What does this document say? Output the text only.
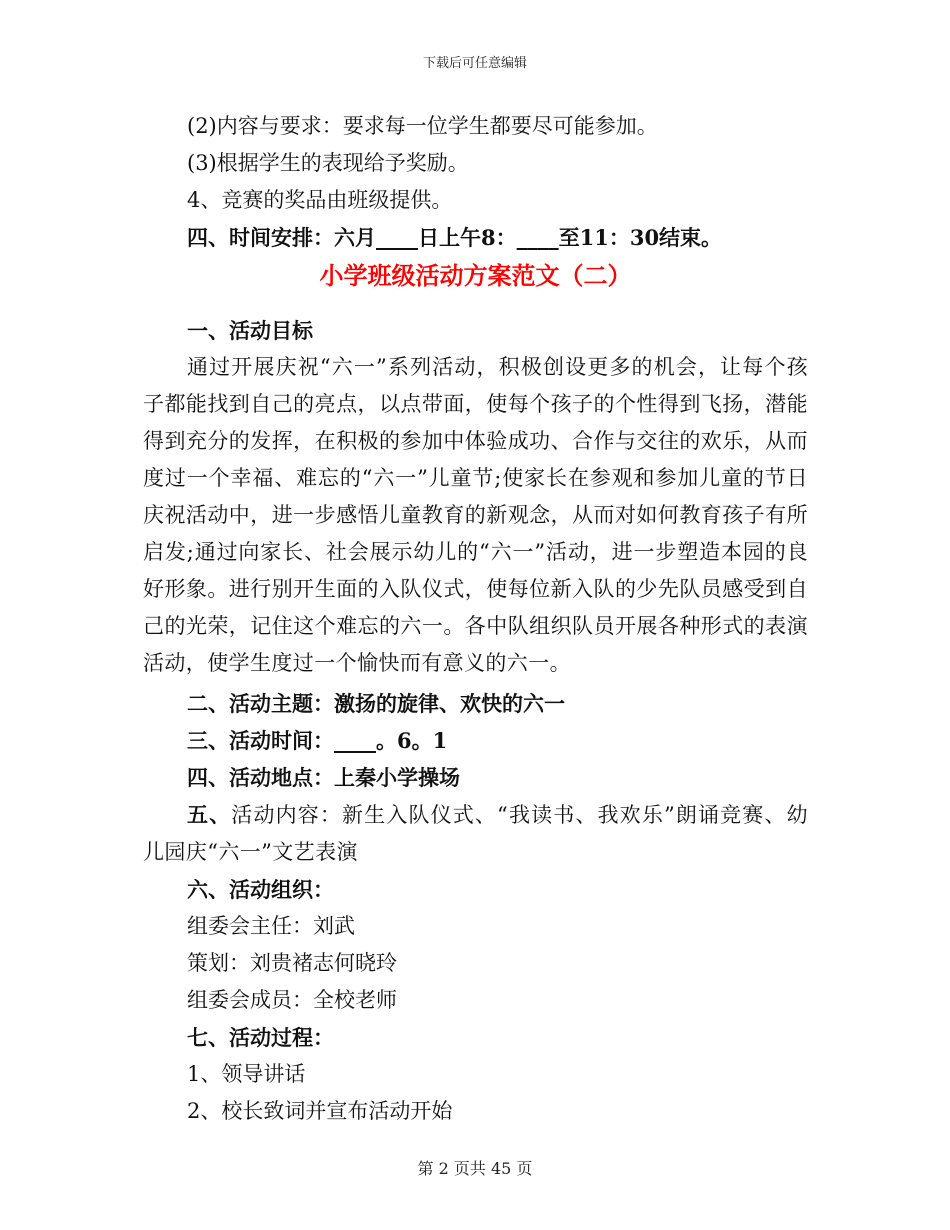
下载后可任意编辑
(2)内容与要求：要求每一位学生都要尽可能参加。
(3)根据学生的表现给予奖励。
4、竞赛的奖品由班级提供。
四、时间安排：六月____日上午8：____至11：30结束。
小学班级活动方案范文（二）
一、活动目标
通过开展庆祝“六一”系列活动，积极创设更多的机会，让每个孩子都能找到自己的亮点，以点带面，使每个孩子的个性得到飞扬，潜能得到充分的发挥，在积极的参加中体验成功、合作与交往的欢乐，从而度过一个幸福、难忘的“六一”儿童节;使家长在参观和参加儿童的节日庆祝活动中，进一步感悟儿童教育的新观念，从而对如何教育孩子有所启发;通过向家长、社会展示幼儿的“六一”活动，进一步塑造本园的良好形象。进行别开生面的入队仪式，使每位新入队的少先队员感受到自己的光荣，记住这个难忘的六一。各中队组织队员开展各种形式的表演活动，使学生度过一个愉快而有意义的六一。
二、活动主题：激扬的旋律、欢快的六一
三、活动时间：____。6。1
四、活动地点：上秦小学操场
五、活动内容：新生入队仪式、“我读书、我欢乐”朗诵竞赛、幼儿园庆“六一”文艺表演
六、活动组织：
组委会主任：刘武
策划：刘贵褚志何晓玲
组委会成员：全校老师
七、活动过程：
1、领导讲话
2、校长致词并宣布活动开始
第 2 页共 45 页
